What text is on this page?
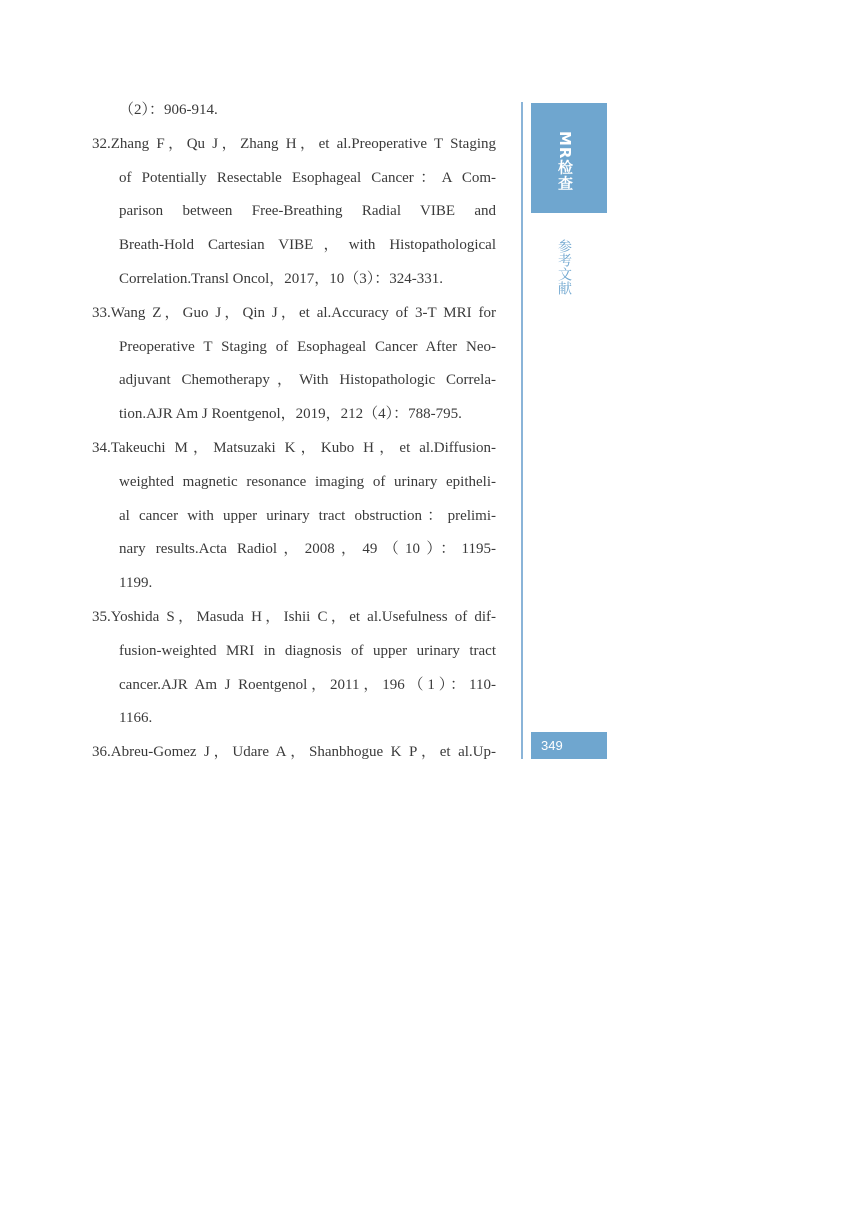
（2）：906-914.
32.Zhang F，Qu J，Zhang H，et al.Preoperative T Staging
of Potentially Resectable Esophageal Cancer：A Com-
parison between Free-Breathing Radial VIBE and
Breath-Hold Cartesian VIBE，with Histopathological
Correlation.Transl Oncol，2017，10（3）：324-331.
33.Wang Z，Guo J，Qin J，et al.Accuracy of 3-T MRI for
Preoperative T Staging of Esophageal Cancer After Neo-
adjuvant Chemotherapy，With Histopathologic Correla-
tion.AJR Am J Roentgenol，2019，212（4）：788-795.
34.Takeuchi M，Matsuzaki K，Kubo H，et al.Diffusion-
weighted magnetic resonance imaging of urinary epitheli-
al cancer with upper urinary tract obstruction：prelimi-
nary results.Acta Radiol，2008，49（10）：1195-
1199.
35.Yoshida S，Masuda H，Ishii C，et al.Usefulness of dif-
fusion-weighted MRI in diagnosis of upper urinary tract
cancer.AJR Am J Roentgenol，2011，196（1）：110-
1166.
36.Abreu-Gomez J，Udare A，Shanbhogue K P，et al.Up-
MR检查
参考文献
349
